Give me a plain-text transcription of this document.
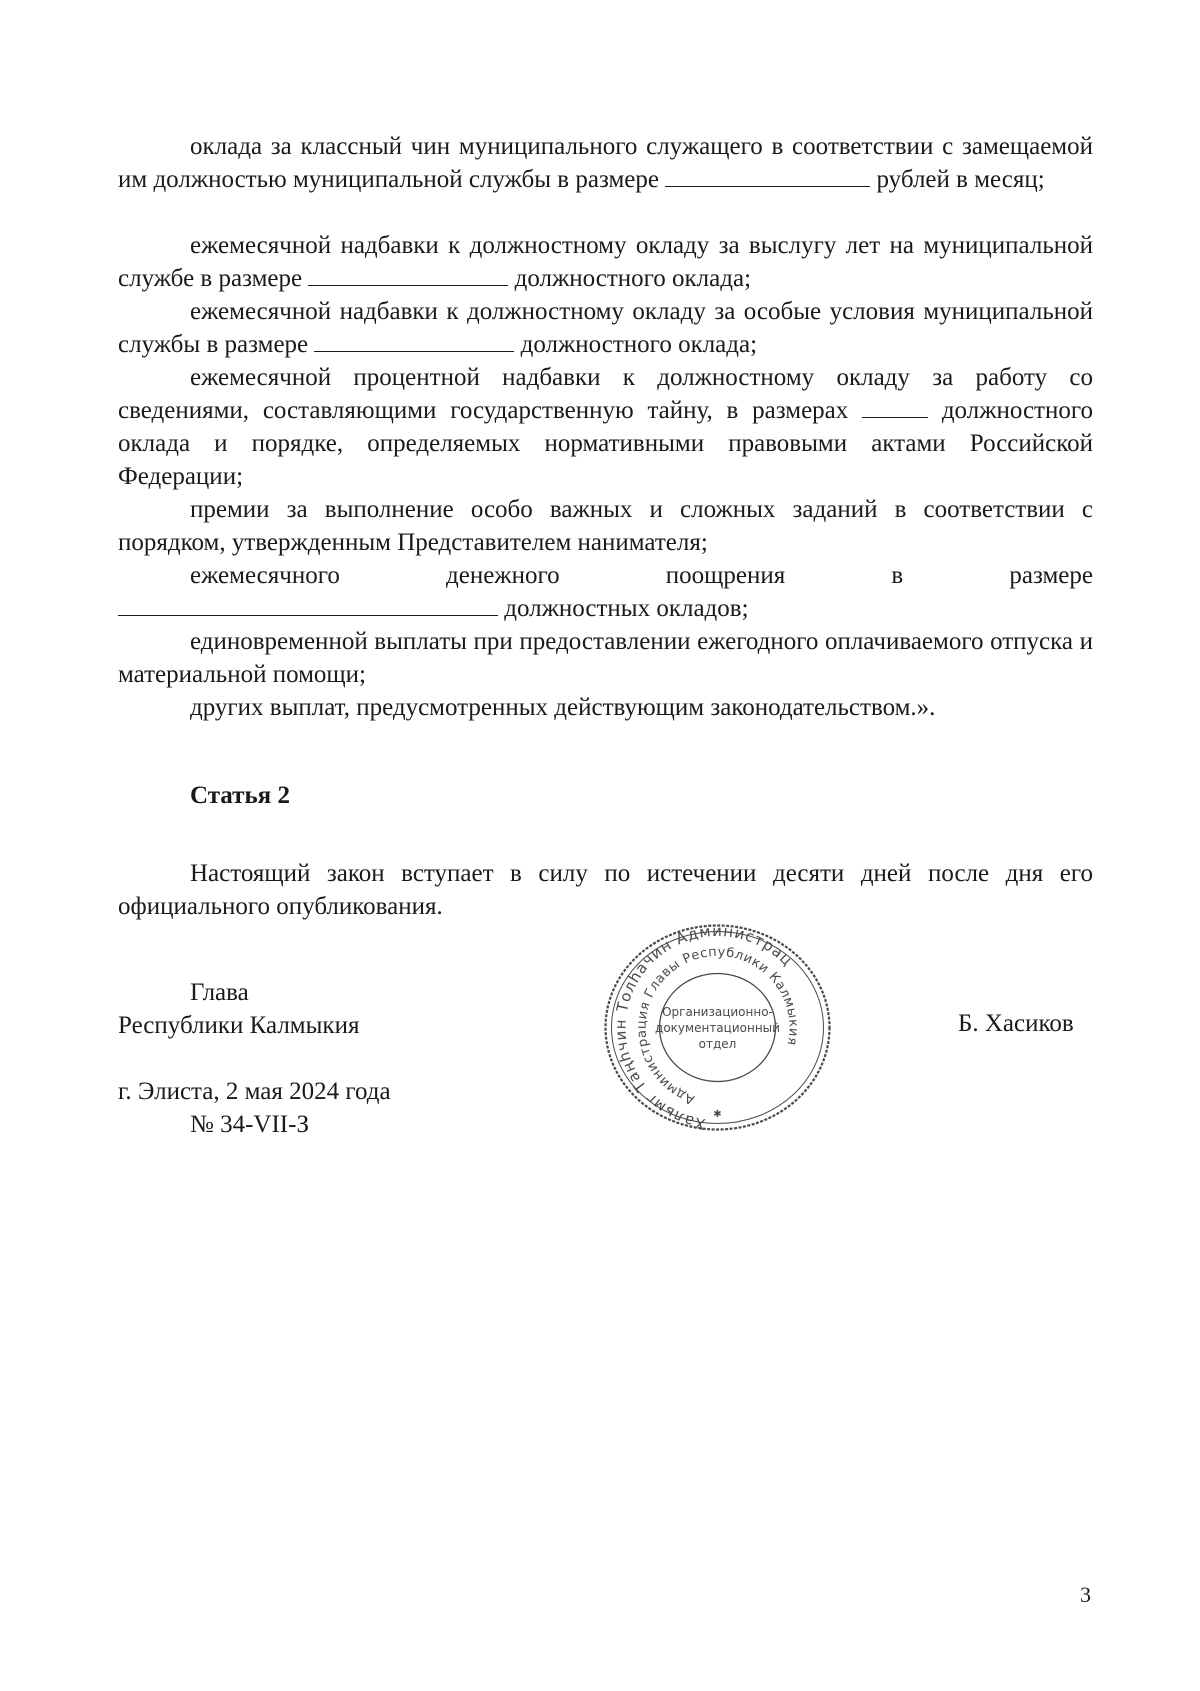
оклада за классный чин муниципального служащего в соответствии с замещаемой им должностью муниципальной службы в размере	рублей в месяц;
ежемесячной надбавки к должностному окладу за выслугу лет на муниципальной службе в размере	должностного оклада;
ежемесячной надбавки к должностному окладу за особые условия муниципальной службы в размере	должностного оклада;
ежемесячной процентной надбавки к должностному окладу за работу со сведениями, составляющими государственную тайну, в размерах	должностного оклада и порядке, определяемых нормативными правовыми актами Российской Федерации;
премии за выполнение особо важных и сложных заданий в соответствии с порядком, утвержденным Представителем нанимателя;

ежемесячного денежного поощрения в размере

должностных окладов;

единовременной выплаты при предоставлении ежегодного оплачиваемого отпуска и материальной помощи;
других выплат, предусмотренных действующим законодательством.».
Статья 2
Настоящий закон вступает в силу по истечении десяти дней после дня его официального опубликования.
Глава
Республики Калмыкия	Б. Хасиков
Хальмг Таңһчин Толһачин Администрац
Администрация Главы Республики Калмыкия
Организационно-
документационный
отдел
✱
г. Элиста, 2 мая 2024 года
№ 34-VII-З
3
